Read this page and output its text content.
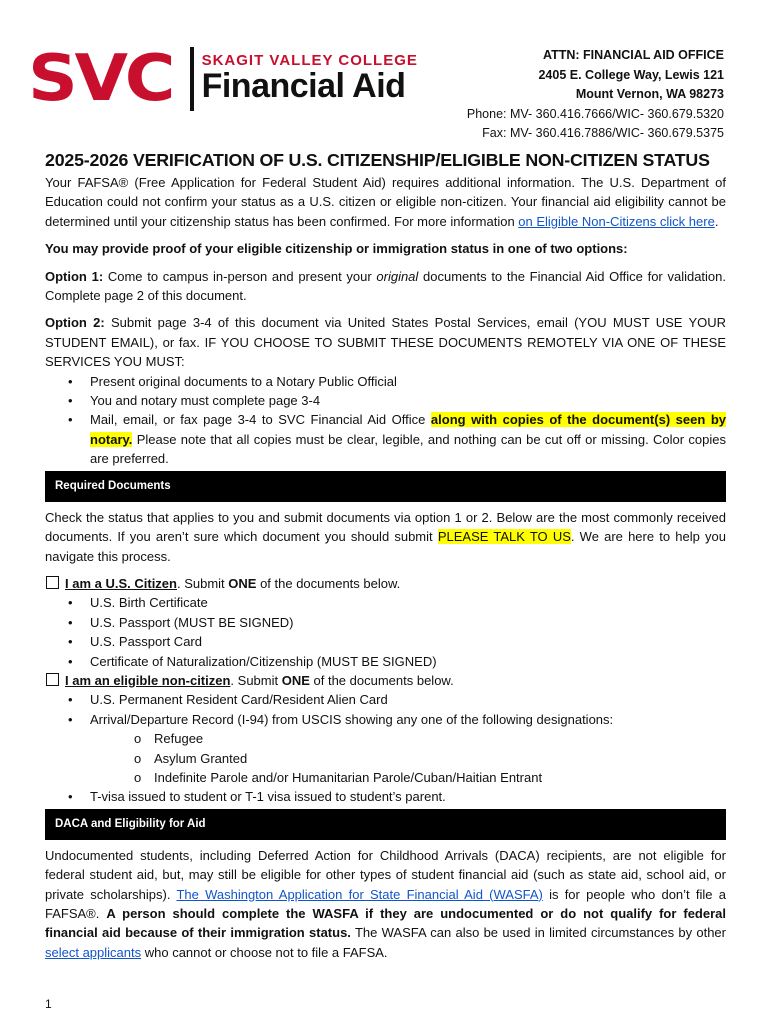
SVC SKAGIT VALLEY COLLEGE
Financial Aid
ATTN: FINANCIAL AID OFFICE
2405 E. College Way, Lewis 121
Mount Vernon, WA 98273
Phone: MV- 360.416.7666/WIC- 360.679.5320
Fax: MV- 360.416.7886/WIC- 360.679.5375
2025-2026 VERIFICATION OF U.S. CITIZENSHIP/ELIGIBLE NON-CITIZEN STATUS

Your FAFSA® (Free Application for Federal Student Aid) requires additional information. The U.S. Department of Education could not confirm your status as a U.S. citizen or eligible non-citizen. Your financial aid eligibility cannot be determined until your citizenship status has been confirmed. For more information on Eligible Non-Citizens click here.

You may provide proof of your eligible citizenship or immigration status in one of two options:

Option 1: Come to campus in-person and present your original documents to the Financial Aid Office for validation. Complete page 2 of this document.

Option 2: Submit page 3-4 of this document via United States Postal Services, email (YOU MUST USE YOUR STUDENT EMAIL), or fax. IF YOU CHOOSE TO SUBMIT THESE DOCUMENTS REMOTELY VIA ONE OF THESE SERVICES YOU MUST:

• Present original documents to a Notary Public Official
• You and notary must complete page 3-4
• Mail, email, or fax page 3-4 to SVC Financial Aid Office along with copies of the document(s) seen by notary. Please note that all copies must be clear, legible, and nothing can be cut off or missing. Color copies are preferred.
Required Documents

Check the status that applies to you and submit documents via option 1 or 2. Below are the most commonly received documents. If you aren’t sure which document you should submit PLEASE TALK TO US. We are here to help you navigate this process.

I am a U.S. Citizen. Submit ONE of the documents below.
• U.S. Birth Certificate
• U.S. Passport (MUST BE SIGNED)
• U.S. Passport Card
• Certificate of Naturalization/Citizenship (MUST BE SIGNED)
I am an eligible non-citizen. Submit ONE of the documents below.
• U.S. Permanent Resident Card/Resident Alien Card
• Arrival/Departure Record (I-94) from USCIS showing any one of the following designations:
o Refugee
o Asylum Granted
o Indefinite Parole and/or Humanitarian Parole/Cuban/Haitian Entrant
• T-visa issued to student or T-1 visa issued to student’s parent.
DACA and Eligibility for Aid

Undocumented students, including Deferred Action for Childhood Arrivals (DACA) recipients, are not eligible for federal student aid, but, may still be eligible for other types of student financial aid (such as state aid, school aid, or private scholarships). The Washington Application for State Financial Aid (WASFA) is for people who don’t file a FAFSA®. A person should complete the WASFA if they are undocumented or do not qualify for federal financial aid because of their immigration status. The WASFA can also be used in limited circumstances by other select applicants who cannot or choose not to file a FAFSA.

1
